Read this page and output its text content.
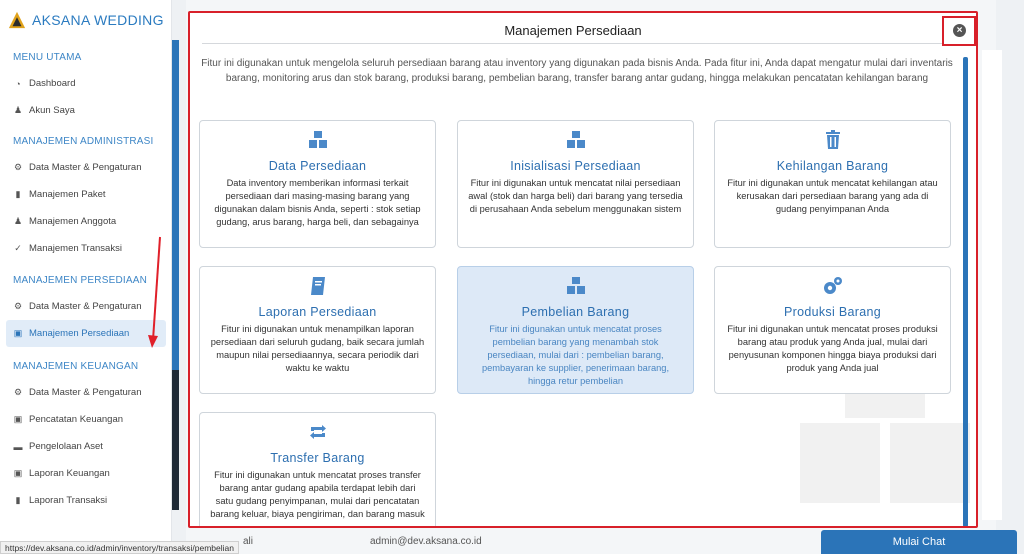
ali	admin@dev.aksana.co.id
AKSANA WEDDING
MENU UTAMA
◔ Dashboard
♟ Akun Saya
MANAJEMEN ADMINISTRASI
⚙ Data Master & Pengaturan
▮ Manajemen Paket
♟ Manajemen Anggota
✓ Manajemen Transaksi
MANAJEMEN PERSEDIAAN
⚙ Data Master & Pengaturan
▣ Manajemen Persediaan
MANAJEMEN KEUANGAN
⚙ Data Master & Pengaturan
▣ Pencatatan Keuangan
▬ Pengelolaan Aset
▣ Laporan Keuangan
▮ Laporan Transaksi
Manajemen Persediaan	×
Fitur ini digunakan untuk mengelola seluruh persediaan barang atau inventory yang digunakan pada bisnis Anda. Pada fitur ini, Anda dapat mengatur mulai dari inventaris barang, monitoring arus dan stok barang, produksi barang, pembelian barang, transfer barang antar gudang, hingga melakukan pencatatan kehilangan barang
Data Persediaan
Data inventory memberikan informasi terkait persediaan dari masing-masing barang yang digunakan dalam bisnis Anda, seperti : stok setiap gudang, arus barang, harga beli, dan sebagainya
Inisialisasi Persediaan
Fitur ini digunakan untuk mencatat nilai persediaan awal (stok dan harga beli) dari barang yang tersedia di perusahaan Anda sebelum menggunakan sistem
Kehilangan Barang
Fitur ini digunakan untuk mencatat kehilangan atau kerusakan dari persediaan barang yang ada di gudang penyimpanan Anda
Laporan Persediaan
Fitur ini digunakan untuk menampilkan laporan persediaan dari seluruh gudang, baik secara jumlah maupun nilai persediaannya, secara periodik dari waktu ke waktu
Pembelian Barang
Fitur ini digunakan untuk mencatat proses pembelian barang yang menambah stok persediaan, mulai dari : pembelian barang, pembayaran ke supplier, penerimaan barang, hingga retur pembelian
Produksi Barang
Fitur ini digunakan untuk mencatat proses produksi barang atau produk yang Anda jual, mulai dari penyusunan komponen hingga biaya produksi dari produk yang Anda jual
Transfer Barang
Fitur ini digunakan untuk mencatat proses transfer barang antar gudang apabila terdapat lebih dari satu gudang penyimpanan, mulai dari pencatatan barang keluar, biaya pengiriman, dan barang masuk
https://dev.aksana.co.id/admin/inventory/transaksi/pembelian	Mulai Chat
